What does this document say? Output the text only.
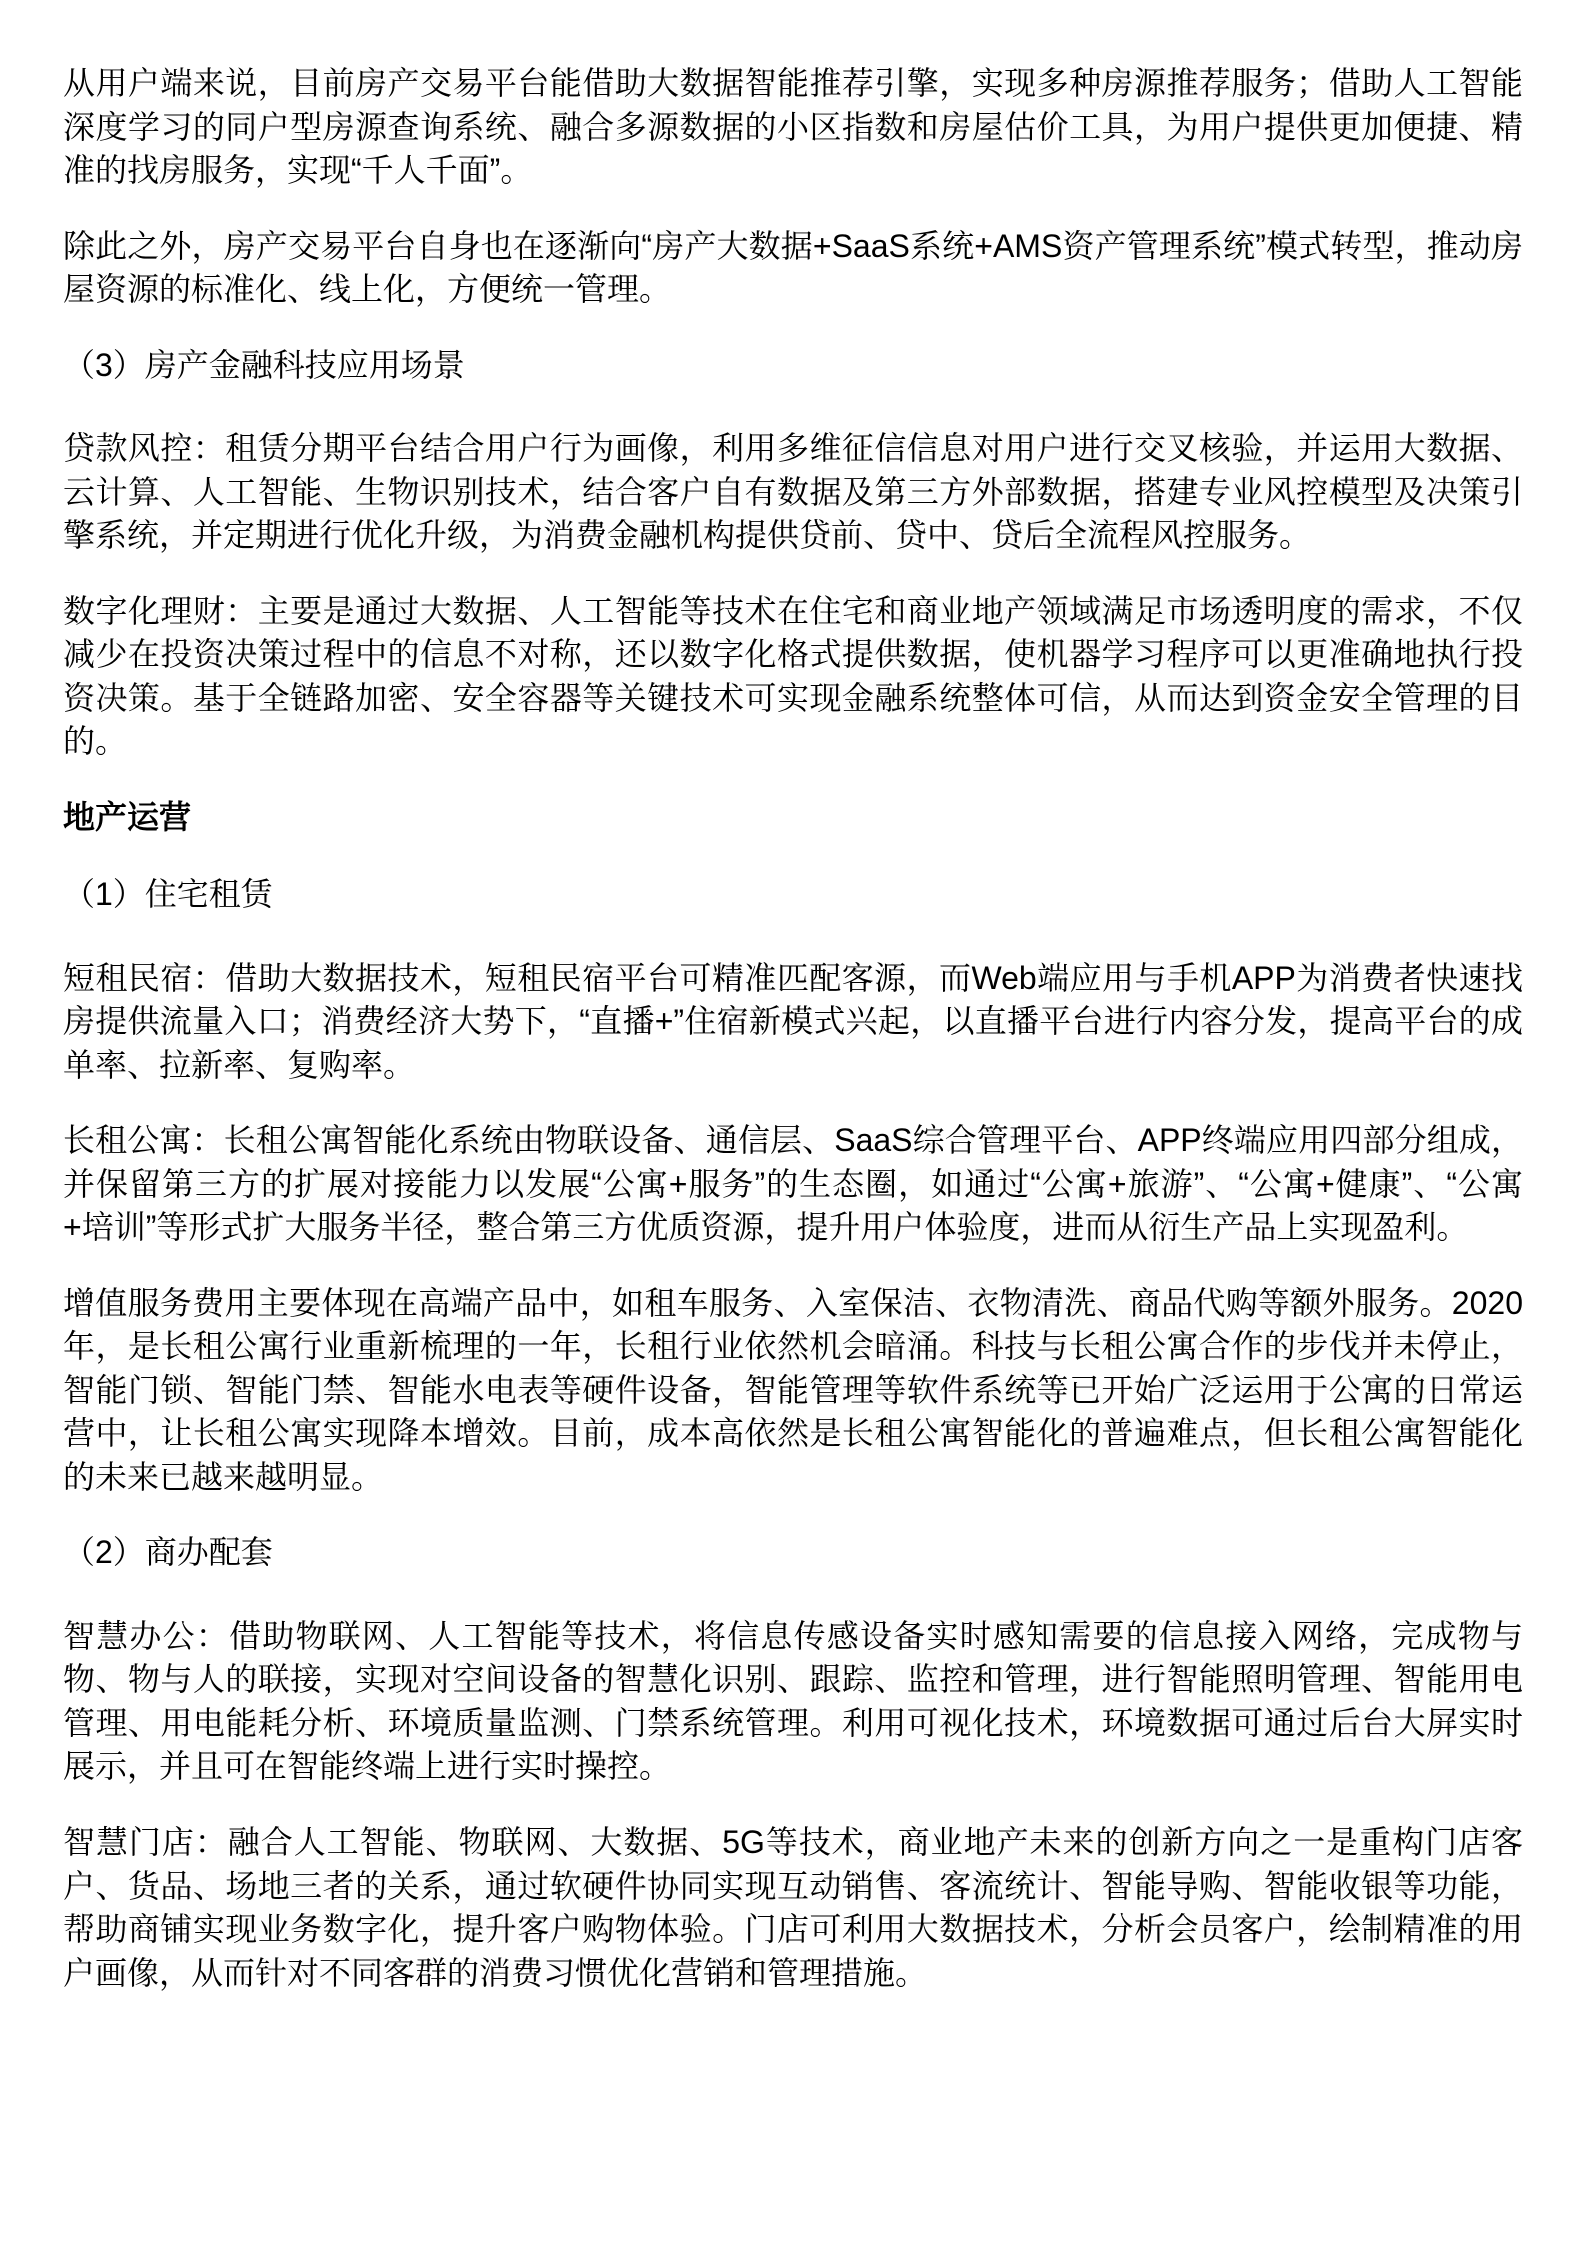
从用户端来说，目前房产交易平台能借助大数据智能推荐引擎，实现多种房源推荐服务；借助人工智能深度学习的同户型房源查询系统、融合多源数据的小区指数和房屋估价工具，为用户提供更加便捷、精准的找房服务，实现“千人千面”。

除此之外，房产交易平台自身也在逐渐向“房产大数据+SaaS系统+AMS资产管理系统”模式转型，推动房屋资源的标准化、线上化，方便统一管理。

（3）房产金融科技应用场景

贷款风控：租赁分期平台结合用户行为画像，利用多维征信信息对用户进行交叉核验，并运用大数据、云计算、人工智能、生物识别技术，结合客户自有数据及第三方外部数据，搭建专业风控模型及决策引擎系统，并定期进行优化升级，为消费金融机构提供贷前、贷中、贷后全流程风控服务。

数字化理财：主要是通过大数据、人工智能等技术在住宅和商业地产领域满足市场透明度的需求，不仅减少在投资决策过程中的信息不对称，还以数字化格式提供数据，使机器学习程序可以更准确地执行投资决策。基于全链路加密、安全容器等关键技术可实现金融系统整体可信，从而达到资金安全管理的目的。

地产运营

（1）住宅租赁

短租民宿：借助大数据技术，短租民宿平台可精准匹配客源，而Web端应用与手机APP为消费者快速找房提供流量入口；消费经济大势下，“直播+”住宿新模式兴起，以直播平台进行内容分发，提高平台的成单率、拉新率、复购率。

长租公寓：长租公寓智能化系统由物联设备、通信层、SaaS综合管理平台、APP终端应用四部分组成，并保留第三方的扩展对接能力以发展“公寓+服务”的生态圈，如通过“公寓+旅游”、“公寓+健康”、“公寓+培训”等形式扩大服务半径，整合第三方优质资源，提升用户体验度，进而从衍生产品上实现盈利。

增值服务费用主要体现在高端产品中，如租车服务、入室保洁、衣物清洗、商品代购等额外服务。2020年，是长租公寓行业重新梳理的一年，长租行业依然机会暗涌。科技与长租公寓合作的步伐并未停止，智能门锁、智能门禁、智能水电表等硬件设备，智能管理等软件系统等已开始广泛运用于公寓的日常运营中，让长租公寓实现降本增效。目前，成本高依然是长租公寓智能化的普遍难点，但长租公寓智能化的未来已越来越明显。

（2）商办配套

智慧办公：借助物联网、人工智能等技术，将信息传感设备实时感知需要的信息接入网络，完成物与物、物与人的联接，实现对空间设备的智慧化识别、跟踪、监控和管理，进行智能照明管理、智能用电管理、用电能耗分析、环境质量监测、门禁系统管理。利用可视化技术，环境数据可通过后台大屏实时展示，并且可在智能终端上进行实时操控。

智慧门店：融合人工智能、物联网、大数据、5G等技术，商业地产未来的创新方向之一是重构门店客户、货品、场地三者的关系，通过软硬件协同实现互动销售、客流统计、智能导购、智能收银等功能，帮助商铺实现业务数字化，提升客户购物体验。门店可利用大数据技术，分析会员客户，绘制精准的用户画像，从而针对不同客群的消费习惯优化营销和管理措施。
